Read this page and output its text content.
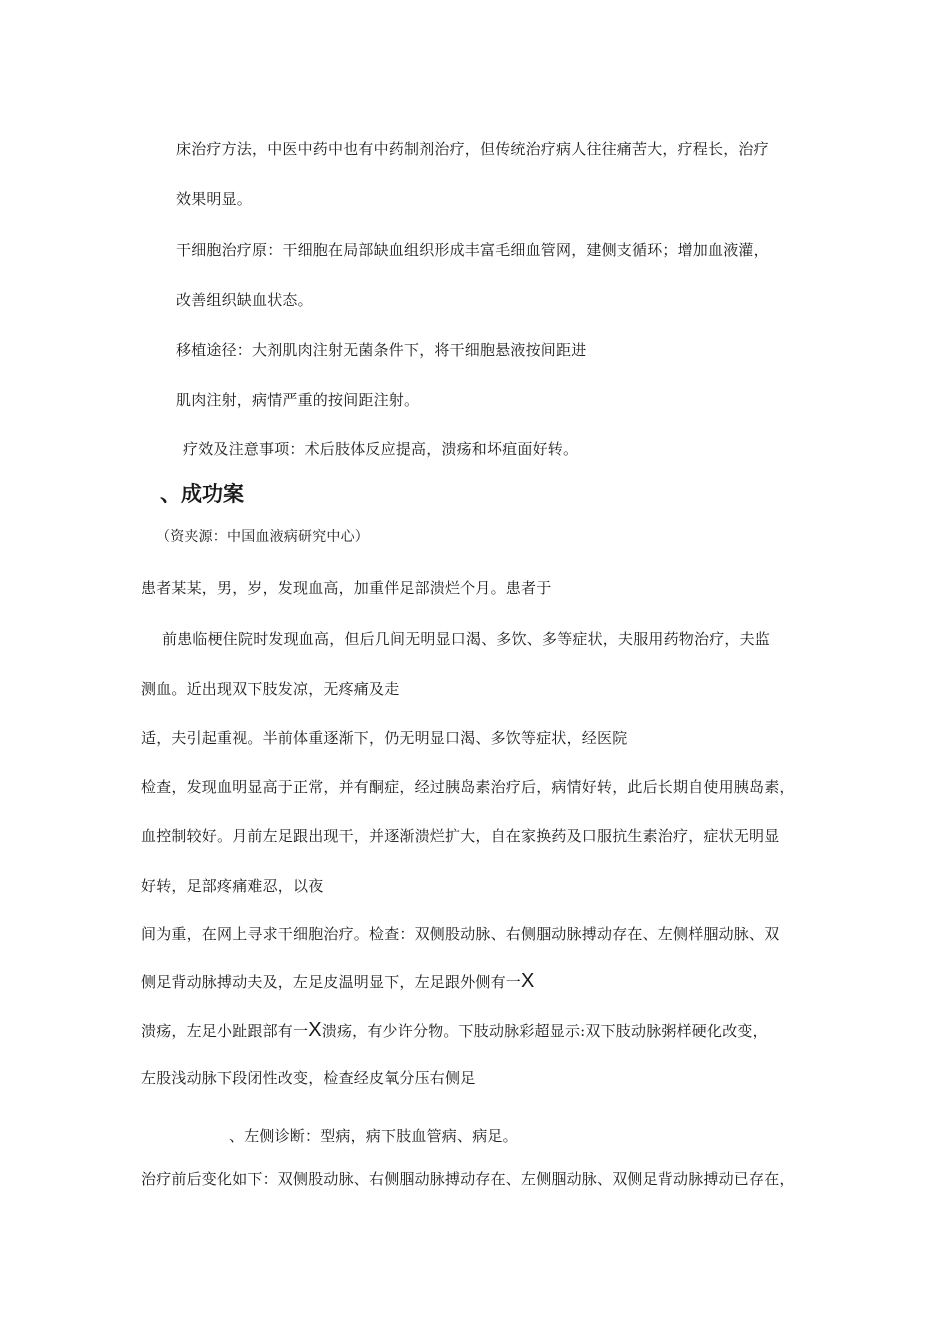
床治疗方法，中医中药中也有中药制剂治疗，但传统治疗病人往往痛苦大，疗程长，治疗

效果明显。

干细胞治疗原：干细胞在局部缺血组织形成丰富毛细血管网，建侧支循环；增加血液灌，

改善组织缺血状态。

移植途径：大剂肌肉注射无菌条件下，将干细胞悬液按间距进

肌肉注射，病情严重的按间距注射。

疗效及注意事项：术后肢体反应提高，溃疡和坏疽面好转。

、成功案

（资夹源：中国血液病研究中心）

患者某某，男，岁，发现血高，加重伴足部溃烂个月。患者于

前患临梗住院时发现血高，但后几间无明显口渴、多饮、多等症状，夫服用药物治疗，夫监

测血。近出现双下肢发凉，无疼痛及走

适，夫引起重视。半前体重逐渐下，仍无明显口渴、多饮等症状，经医院

检查，发现血明显高于正常，并有酮症，经过胰岛素治疗后，病情好转，此后长期自使用胰岛素，

血控制较好。月前左足跟出现干，并逐渐溃烂扩大，自在家换药及口服抗生素治疗，症状无明显

好转，足部疼痛难忍，以夜

间为重，在网上寻求干细胞治疗。检查：双侧股动脉、右侧腘动脉搏动存在、左侧样腘动脉、双

侧足背动脉搏动夫及，左足皮温明显下，左足跟外侧有一X

溃疡，左足小趾跟部有一X溃疡，有少许分物。下肢动脉彩超显示:双下肢动脉粥样硬化改变，

左股浅动脉下段闭性改变，检查经皮氧分压右侧足

、左侧诊断：型病，病下肢血管病、病足。

治疗前后变化如下：双侧股动脉、右侧腘动脉搏动存在、左侧腘动脉、双侧足背动脉搏动已存在，
